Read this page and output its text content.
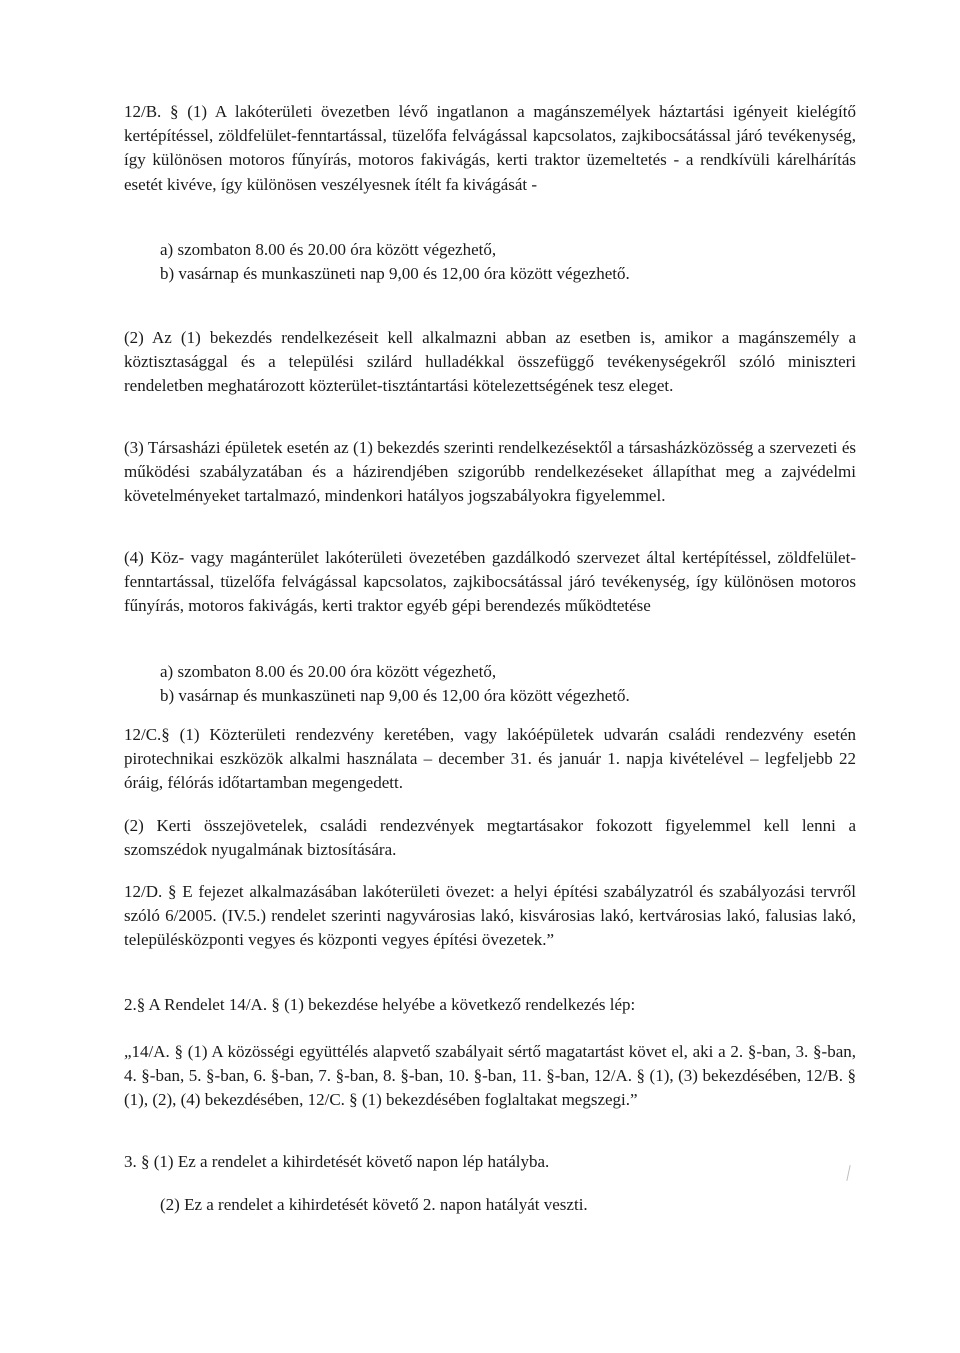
12/B. § (1) A lakóterületi övezetben lévő ingatlanon a magánszemélyek háztartási igényeit kielégítő kertépítéssel, zöldfelület-fenntartással, tüzelőfa felvágással kapcsolatos, zajkibocsátással járó tevékenység, így különösen motoros fűnyírás, motoros fakivágás, kerti traktor üzemeltetés - a rendkívüli kárelhárítás esetét kivéve, így különösen veszélyesnek ítélt fa kivágását -

a) szombaton 8.00 és 20.00 óra között végezhető,

b) vasárnap és munkaszüneti nap 9,00 és 12,00 óra között végezhető.

(2) Az (1) bekezdés rendelkezéseit kell alkalmazni abban az esetben is, amikor a magánszemély a köztisztasággal és a települési szilárd hulladékkal összefüggő tevékenységekről szóló miniszteri rendeletben meghatározott közterület-tisztántartási kötelezettségének tesz eleget.

(3) Társasházi épületek esetén az (1) bekezdés szerinti rendelkezésektől a társasházközösség a szervezeti és működési szabályzatában és a házirendjében szigorúbb rendelkezéseket állapíthat meg a zajvédelmi követelményeket tartalmazó, mindenkori hatályos jogszabályokra figyelemmel.

(4) Köz- vagy magánterület lakóterületi övezetében gazdálkodó szervezet által kertépítéssel, zöldfelület-fenntartással, tüzelőfa felvágással kapcsolatos, zajkibocsátással járó tevékenység, így különösen motoros fűnyírás, motoros fakivágás, kerti traktor egyéb gépi berendezés működtetése

a) szombaton 8.00 és 20.00 óra között végezhető,

b) vasárnap és munkaszüneti nap 9,00 és 12,00 óra között végezhető.

12/C.§ (1) Közterületi rendezvény keretében, vagy lakóépületek udvarán családi rendezvény esetén pirotechnikai eszközök alkalmi használata – december 31. és január 1. napja kivételével – legfeljebb 22 óráig, félórás időtartamban megengedett.

(2) Kerti összejövetelek, családi rendezvények megtartásakor fokozott figyelemmel kell lenni a szomszédok nyugalmának biztosítására.

12/D. § E fejezet alkalmazásában lakóterületi övezet: a helyi építési szabályzatról és szabályozási tervről szóló 6/2005. (IV.5.) rendelet szerinti nagyvárosias lakó, kisvárosias lakó, kertvárosias lakó, falusias lakó, településközponti vegyes és központi vegyes építési övezetek.”

2.§ A Rendelet 14/A. § (1) bekezdése helyébe a következő rendelkezés lép:

„14/A. § (1) A közösségi együttélés alapvető szabályait sértő magatartást követ el, aki a 2. §-ban, 3. §-ban, 4. §-ban, 5. §-ban, 6. §-ban, 7. §-ban, 8. §-ban, 10. §-ban, 11. §-ban, 12/A. § (1), (3) bekezdésében, 12/B. § (1), (2), (4) bekezdésében, 12/C. § (1) bekezdésében foglaltakat megszegi.”

3. § (1) Ez a rendelet a kihirdetését követő napon lép hatályba.

(2) Ez a rendelet a kihirdetését követő 2. napon hatályát veszti.
